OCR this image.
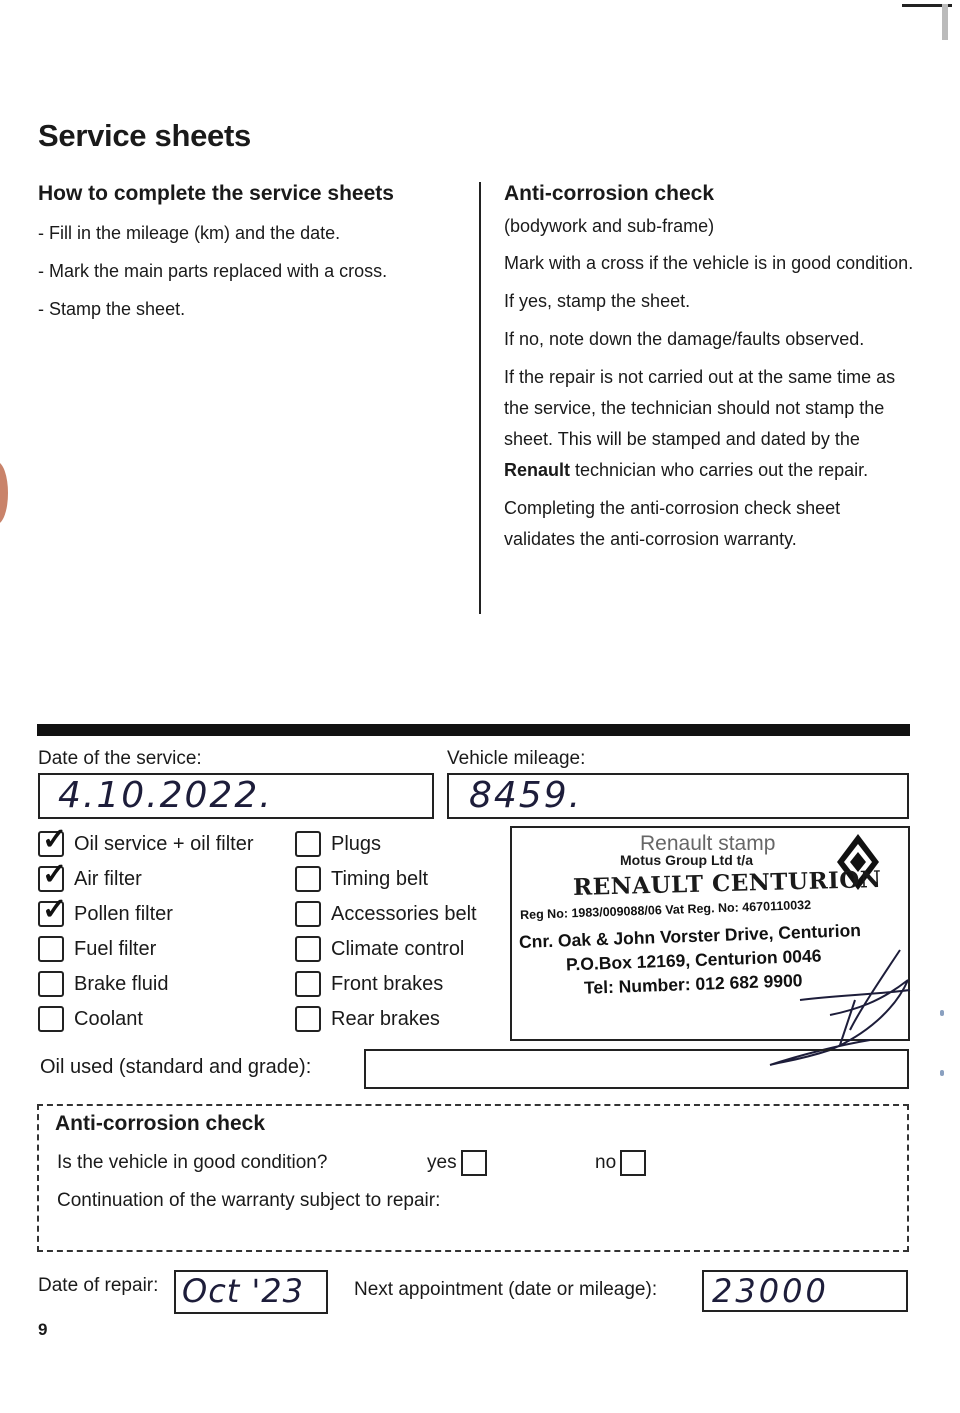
Service sheets
How to complete the service sheets
- Fill in the mileage (km) and the date.
- Mark the main parts replaced with a cross.
- Stamp the sheet.
Anti-corrosion check
(bodywork and sub-frame)

Mark with a cross if the vehicle is in good condition.

If yes, stamp the sheet.

If no, note down the damage/faults observed.

If the repair is not carried out at the same time as the service, the technician should not stamp the sheet. This will be stamped and dated by the Renault technician who carries out the repair.

Completing the anti-corrosion check sheet validates the anti-corrosion warranty.

Date of the service:
4.10.2022.
Vehicle mileage:
8459.
✓ Oil service + oil filter
✓ Air filter
✓ Pollen filter
Fuel filter
Brake fluid
Coolant
Plugs
Timing belt
Accessories belt
Climate control
Front brakes
Rear brakes
Renault stamp
Motus Group Ltd t/a
RENAULT CENTURION
Reg No: 1983/009088/06 Vat Reg. No: 4670110032
Cnr. Oak & John Vorster Drive, Centurion
P.O.Box 12169, Centurion 0046
Tel: Number: 012 682 9900
Oil used (standard and grade):
Anti-corrosion check
Is the vehicle in good condition?	yes	no
Continuation of the warranty subject to repair:
Date of repair: Oct '23	Next appointment (date or mileage): 23000
9
